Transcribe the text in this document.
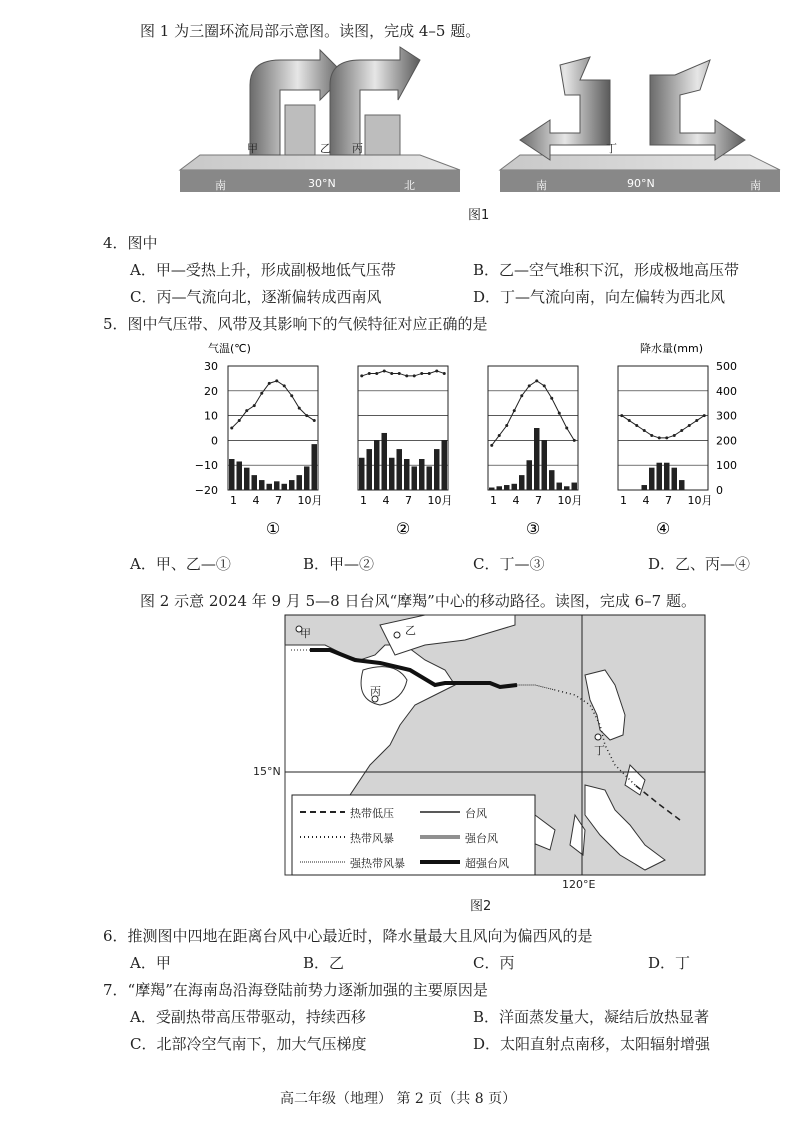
图 1 为三圈环流局部示意图。读图，完成 4–5 题。
甲	乙 丙	丁
南	30°N	北	南	90°N	南
图1
4．图中
A．甲—受热上升，形成副极地低气压带	B．乙—空气堆积下沉，形成极地高压带
C．丙—气流向北，逐渐偏转成西南风	D．丁—气流向南，向左偏转为西北风
5．图中气压带、风带及其影响下的气候特征对应正确的是
气温(℃)	降水量(mm)
30
20
10
0
−10
−20
500
400
300
200
100
0
1 4 7 10月
①
1 4 7 10月
②
1 4 7 10月
③
1 4 7 10月
④
A．甲、乙—①	B．甲—②	C．丁—③	D．乙、丙—④
图 2 示意 2024 年 9 月 5—8 日台风“摩羯”中心的移动路径。读图，完成 6–7 题。
甲	乙
丙
丁
15°N
120°E
图2
热带低压
热带风暴
强热带风暴
台风
强台风
超强台风
6．推测图中四地在距离台风中心最近时，降水量最大且风向为偏西风的是
A．甲	B．乙	C．丙	D．丁
7．“摩羯”在海南岛沿海登陆前势力逐渐加强的主要原因是
A．受副热带高压带驱动，持续西移	B．洋面蒸发量大，凝结后放热显著
C．北部冷空气南下，加大气压梯度	D．太阳直射点南移，太阳辐射增强
高二年级（地理） 第 2 页（共 8 页）
